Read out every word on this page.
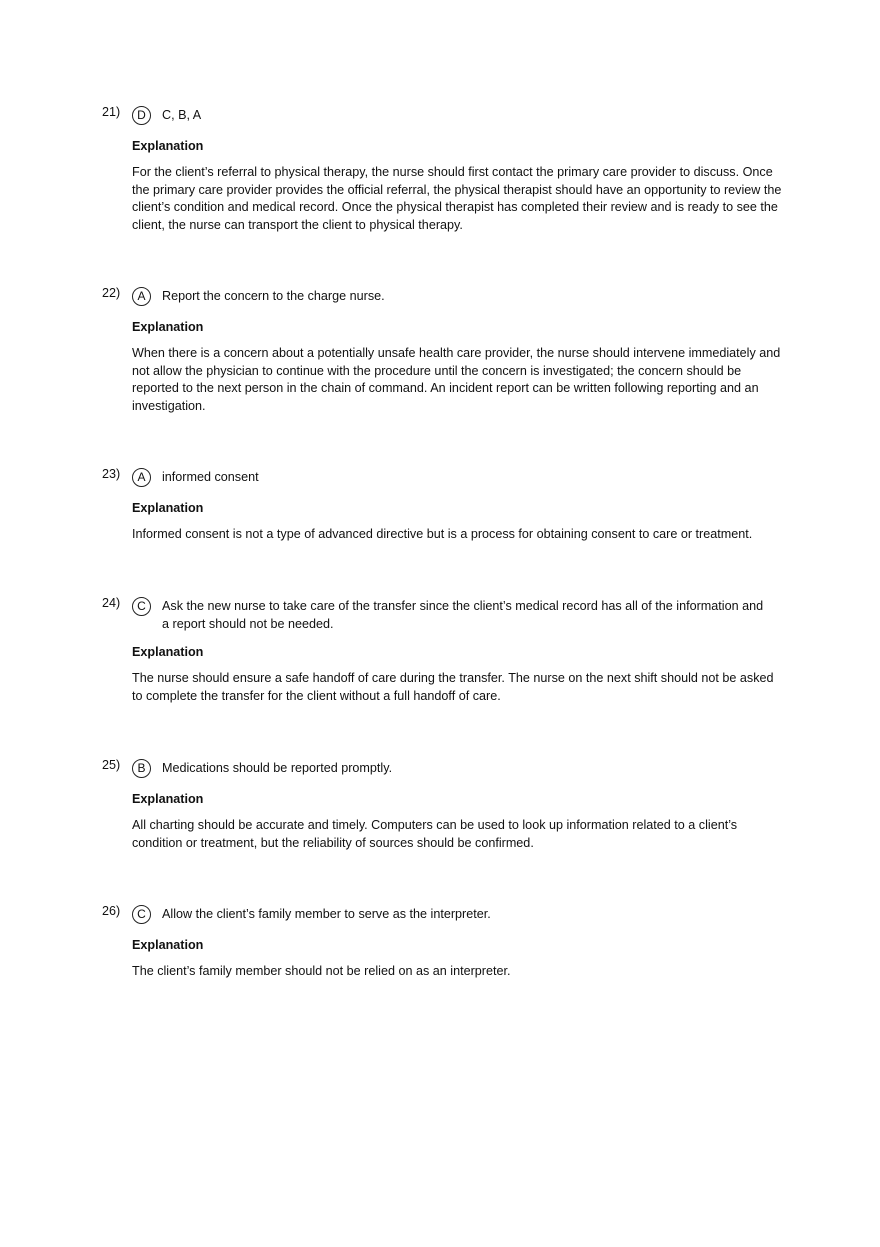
21)	D	C, B, A
Explanation
For the client’s referral to physical therapy, the nurse should first contact the primary care provider to discuss. Once the primary care provider provides the official referral, the physical therapist should have an opportunity to review the client’s condition and medical record. Once the physical therapist has completed their review and is ready to see the client, the nurse can transport the client to physical therapy.
22)	A	Report the concern to the charge nurse.
Explanation
When there is a concern about a potentially unsafe health care provider, the nurse should intervene immediately and not allow the physician to continue with the procedure until the concern is investigated; the concern should be reported to the next person in the chain of command. An incident report can be written following reporting and an investigation.
23)	A	informed consent
Explanation
Informed consent is not a type of advanced directive but is a process for obtaining consent to care or treatment.
24)	C	Ask the new nurse to take care of the transfer since the client’s medical record has all of the information and a report should not be needed.
Explanation
The nurse should ensure a safe handoff of care during the transfer. The nurse on the next shift should not be asked to complete the transfer for the client without a full handoff of care.
25)	B	Medications should be reported promptly.
Explanation
All charting should be accurate and timely. Computers can be used to look up information related to a client’s condition or treatment, but the reliability of sources should be confirmed.
26)	C	Allow the client’s family member to serve as the interpreter.
Explanation
The client’s family member should not be relied on as an interpreter.
